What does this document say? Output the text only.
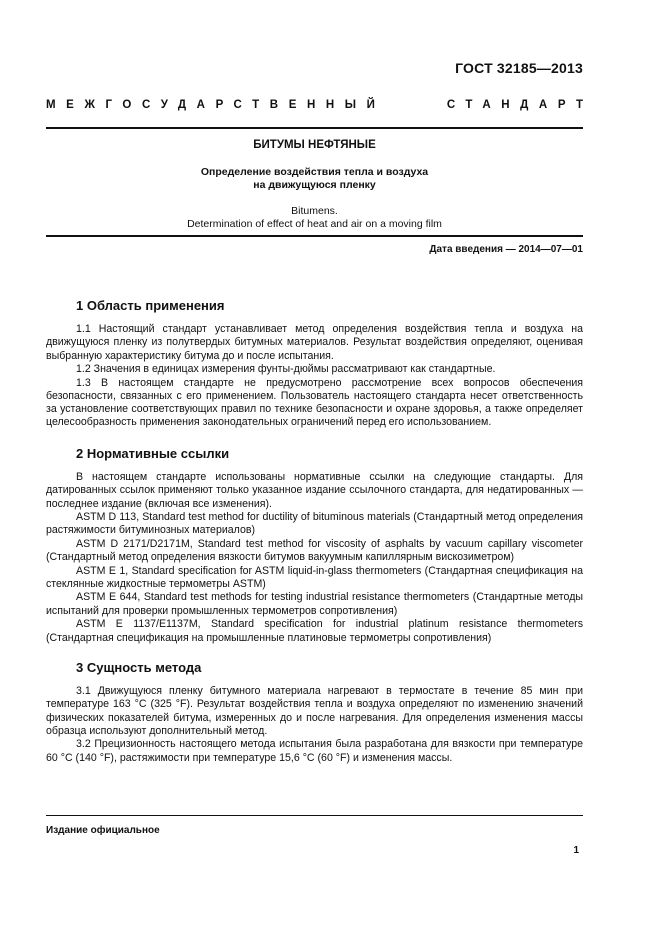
ГОСТ 32185—2013
МЕЖГОСУДАРСТВЕННЫЙ	СТАНДАРТ
БИТУМЫ НЕФТЯНЫЕ
Определение воздействия тепла и воздуха
на движущуюся пленку
Bitumens.
Determination of effect of heat and air on a moving film
Дата введения — 2014—07—01
1 Область применения

1.1 Настоящий стандарт устанавливает метод определения воздействия тепла и воздуха на движущуюся пленку из полутвердых битумных материалов. Результат воздействия определяют, оценивая выбранную характеристику битума до и после испытания.

1.2 Значения в единицах измерения фунты-дюймы рассматривают как стандартные.

1.3 В настоящем стандарте не предусмотрено рассмотрение всех вопросов обеспечения безопасности, связанных с его применением. Пользователь настоящего стандарта несет ответственность за установление соответствующих правил по технике безопасности и охране здоровья, а также определяет целесообразность применения законодательных ограничений перед его использованием.

2 Нормативные ссылки

В настоящем стандарте использованы нормативные ссылки на следующие стандарты. Для датированных ссылок применяют только указанное издание ссылочного стандарта, для недатированных — последнее издание (включая все изменения).

ASTM D 113, Standard test method for ductility of bituminous materials (Стандартный метод определения растяжимости битуминозных материалов)

ASTM D 2171/D2171M, Standard test method for viscosity of asphalts by vacuum capillary viscometer (Стандартный метод определения вязкости битумов вакуумным капиллярным вискозиметром)

ASTM E 1, Standard specification for ASTM liquid-in-glass thermometers (Стандартная спецификация на стеклянные жидкостные термометры ASTM)

ASTM E 644, Standard test methods for testing industrial resistance thermometers (Стандартные методы испытаний для проверки промышленных термометров сопротивления)

ASTM E 1137/E1137M, Standard specification for industrial platinum resistance thermometers (Стандартная спецификация на промышленные платиновые термометры сопротивления)

3 Сущность метода

3.1 Движущуюся пленку битумного материала нагревают в термостате в течение 85 мин при температуре 163 °C (325 °F). Результат воздействия тепла и воздуха определяют по изменению значений физических показателей битума, измеренных до и после нагревания. Для определения изменения массы образца используют дополнительный метод.

3.2 Прецизионность настоящего метода испытания была разработана для вязкости при температуре 60 °C (140 °F), растяжимости при температуре 15,6 °C (60 °F) и изменения массы.

Издание официальное
1
